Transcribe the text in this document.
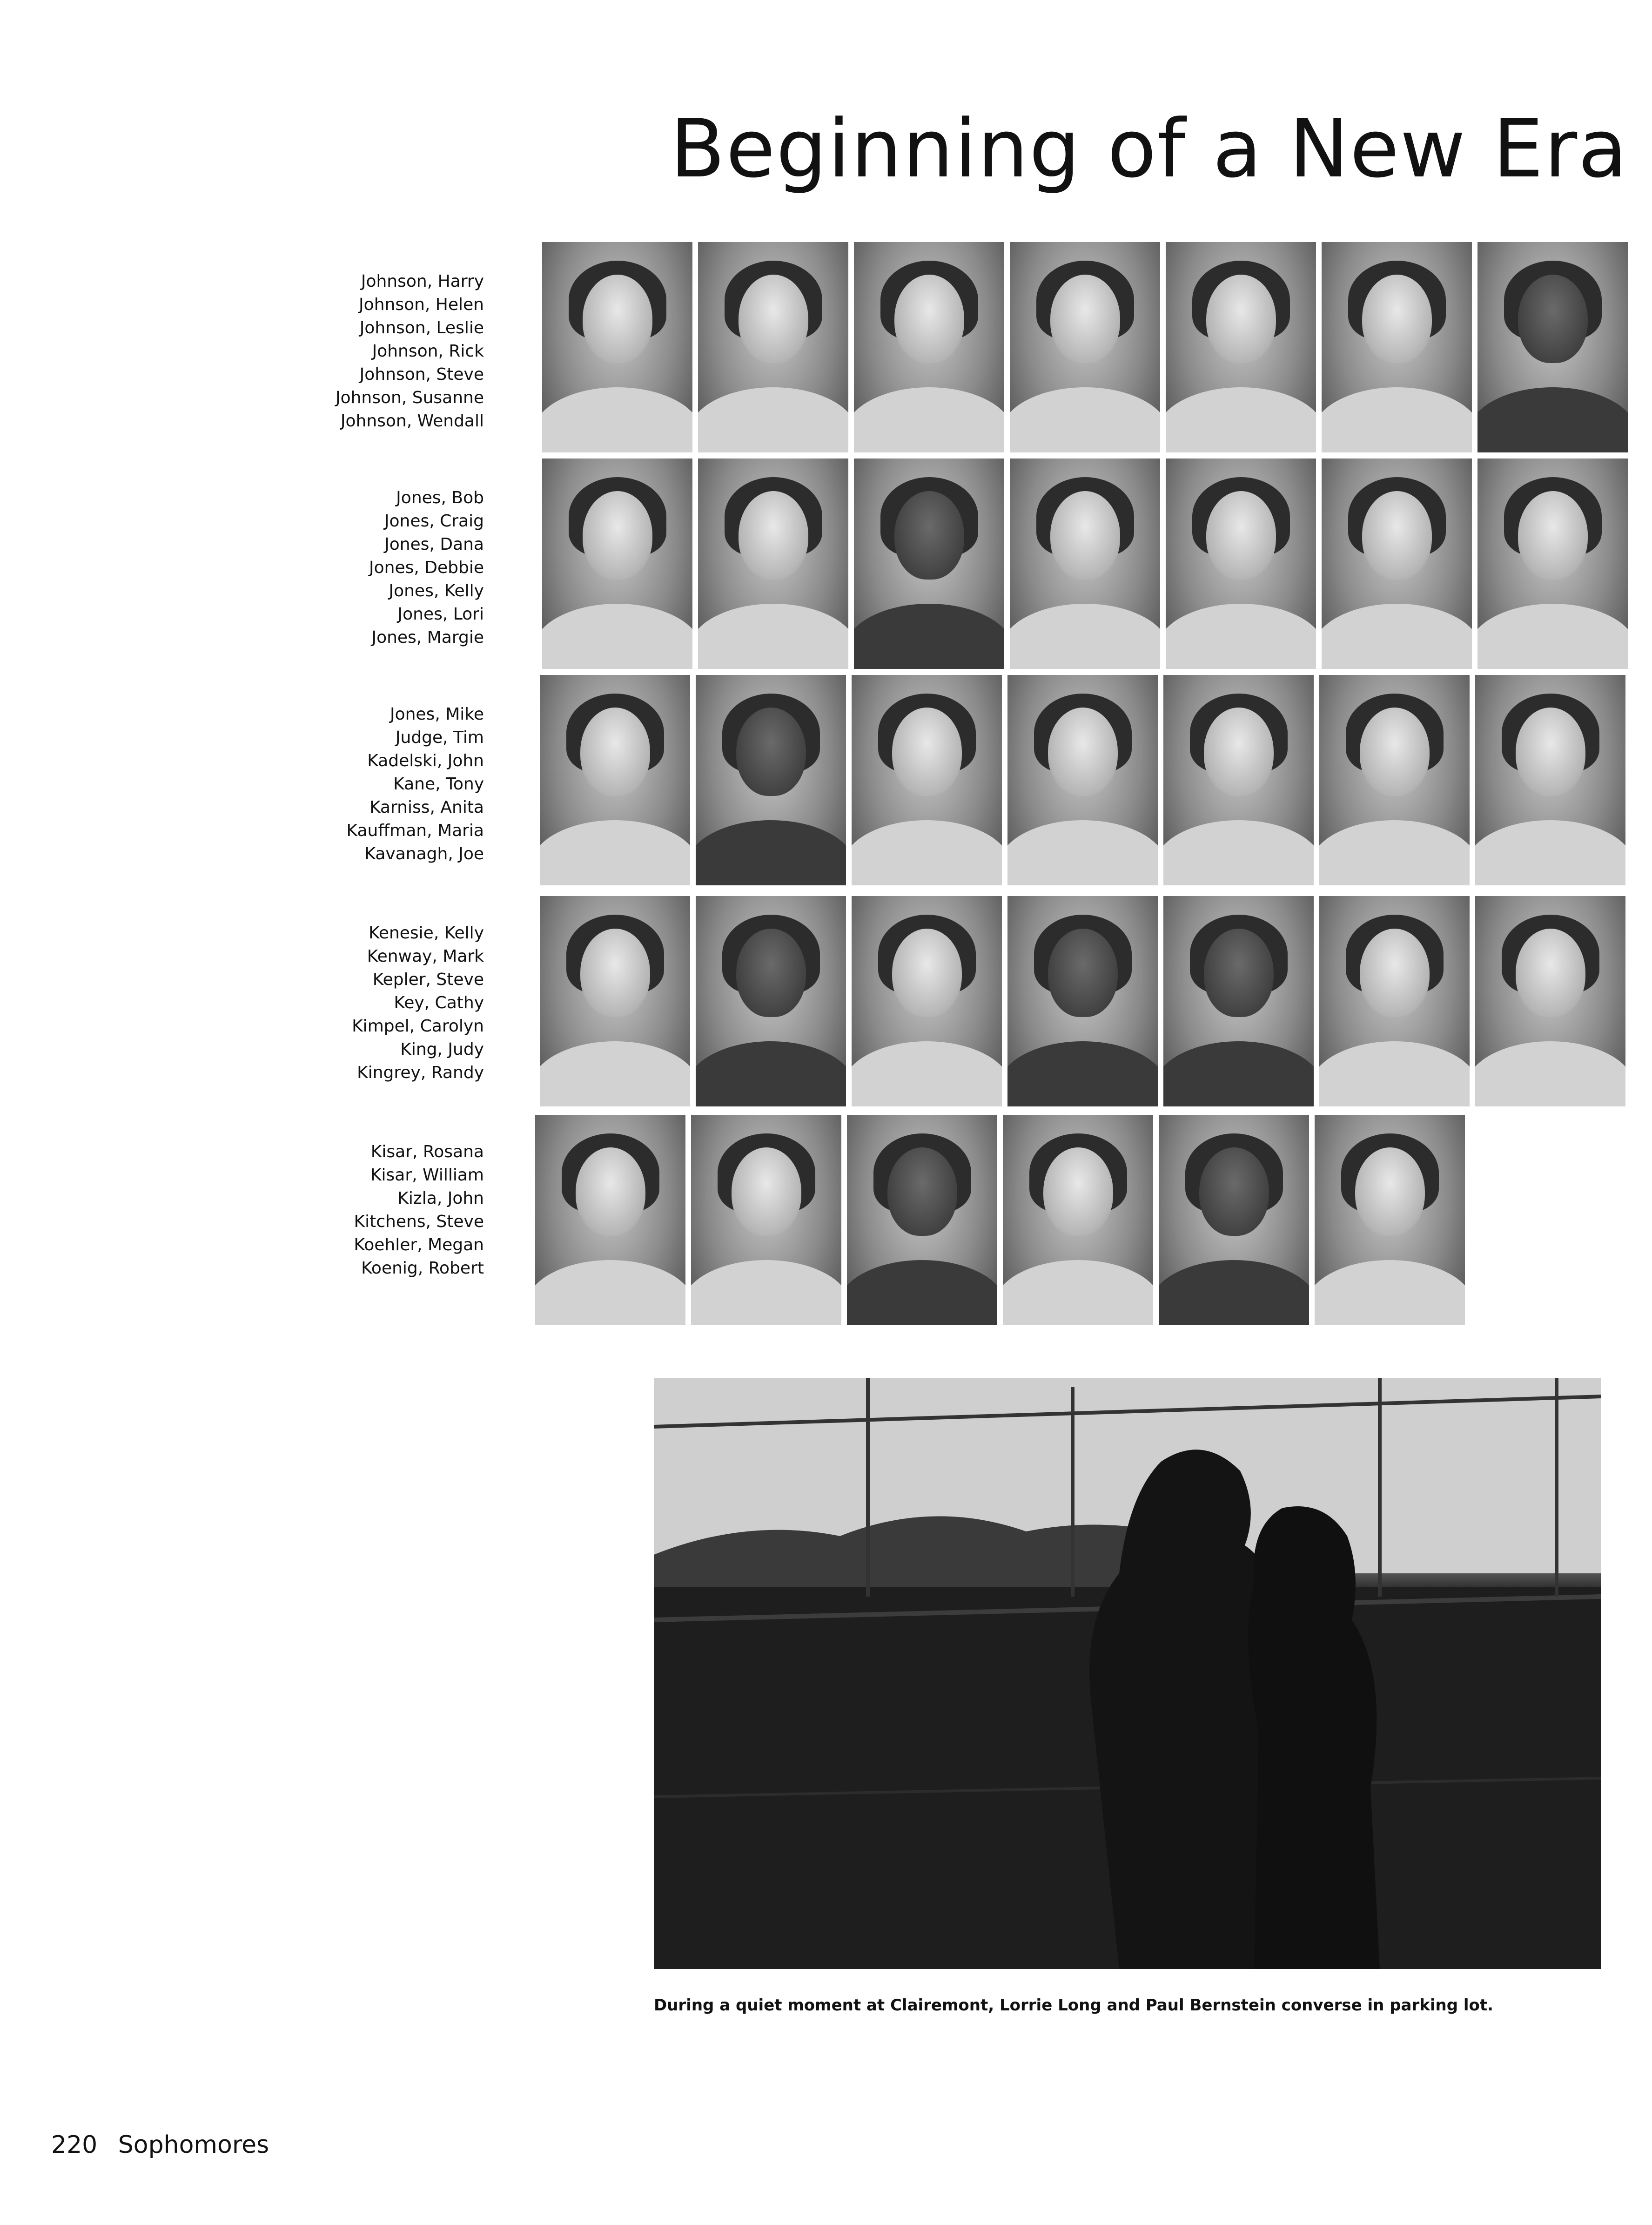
Beginning of a New Era
Johnson, Harry
Johnson, Helen
Johnson, Leslie
Johnson, Rick
Johnson, Steve
Johnson, Susanne
Johnson, Wendall
Jones, Bob
Jones, Craig
Jones, Dana
Jones, Debbie
Jones, Kelly
Jones, Lori
Jones, Margie
Jones, Mike
Judge, Tim
Kadelski, John
Kane, Tony
Karniss, Anita
Kauffman, Maria
Kavanagh, Joe
Kenesie, Kelly
Kenway, Mark
Kepler, Steve
Key, Cathy
Kimpel, Carolyn
King, Judy
Kingrey, Randy
Kisar, Rosana
Kisar, William
Kizla, John
Kitchens, Steve
Koehler, Megan
Koenig, Robert
During a quiet moment at Clairemont, Lorrie Long and Paul Bernstein converse in parking lot.
220 Sophomores
